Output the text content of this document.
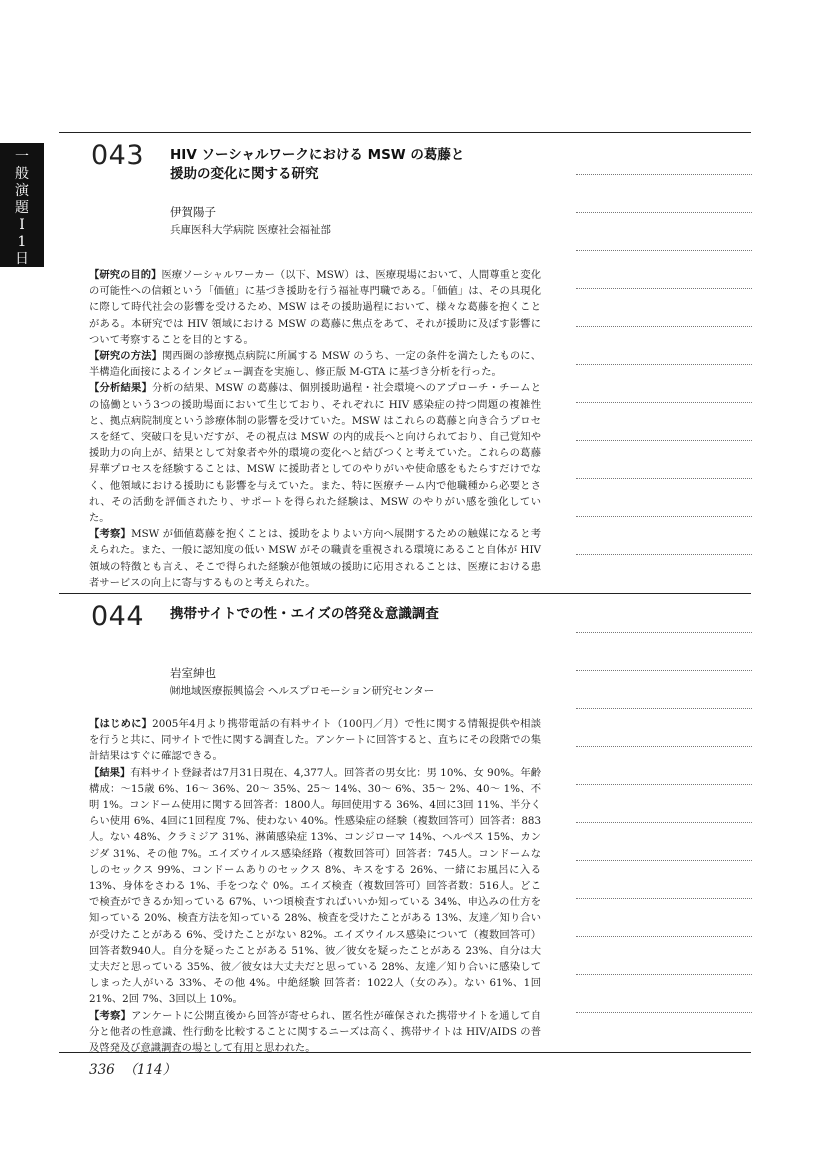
一
般
演
題
Ⅰ
1
日
043 HIV ソーシャルワークにおける MSW の葛藤と
援助の変化に関する研究
伊賀陽子
兵庫医科大学病院 医療社会福祉部

【研究の目的】医療ソーシャルワーカー（以下、MSW）は、医療現場において、人間尊重と変化の可能性への信頼という「価値」に基づき援助を行う福祉専門職である。「価値」は、その具現化に際して時代社会の影響を受けるため、MSW はその援助過程において、様々な葛藤を抱くことがある。本研究では HIV 領域における MSW の葛藤に焦点をあて、それが援助に及ぼす影響について考察することを目的とする。

【研究の方法】関西圏の診療拠点病院に所属する MSW のうち、一定の条件を満たしたものに、半構造化面接によるインタビュー調査を実施し、修正版 M-GTA に基づき分析を行った。

【分析結果】分析の結果、MSW の葛藤は、個別援助過程・社会環境へのアプローチ・チームとの協働という3つの援助場面において生じており、それぞれに HIV 感染症の持つ問題の複雑性と、拠点病院制度という診療体制の影響を受けていた。MSW はこれらの葛藤と向き合うプロセスを経て、突破口を見いだすが、その視点は MSW の内的成長へと向けられており、自己覚知や援助力の向上が、結果として対象者や外的環境の変化へと結びつくと考えていた。これらの葛藤昇華プロセスを経験することは、MSW に援助者としてのやりがいや使命感をもたらすだけでなく、他領域における援助にも影響を与えていた。また、特に医療チーム内で他職種から必要とされ、その活動を評価されたり、サポートを得られた経験は、MSW のやりがい感を強化していた。

【考察】MSW が価値葛藤を抱くことは、援助をよりよい方向へ展開するための触媒になると考えられた。また、一般に認知度の低い MSW がその職責を重視される環境にあること自体が HIV 領域の特徴とも言え、そこで得られた経験が他領域の援助に応用されることは、医療における患者サービスの向上に寄与するものと考えられた。

044 携帯サイトでの性・エイズの啓発＆意識調査
岩室紳也
㈶地域医療振興協会 ヘルスプロモーション研究センター

【はじめに】2005年4月より携帯電話の有料サイト（100円／月）で性に関する情報提供や相談を行うと共に、同サイトで性に関する調査した。アンケートに回答すると、直ちにその段階での集計結果はすぐに確認できる。

【結果】有料サイト登録者は7月31日現在、4,377人。回答者の男女比：男 10%、女 90%。年齢構成：～15歳 6%、16～ 36%、20～ 35%、25～ 14%、30～ 6%、35～ 2%、40～ 1%、不明 1%。コンドーム使用に関する回答者：1800人。毎回使用する 36%、4回に3回 11%、半分くらい使用 6%、4回に1回程度 7%、使わない 40%。性感染症の経験（複数回答可）回答者：883人。ない 48%、クラミジア 31%、淋菌感染症 13%、コンジローマ 14%、ヘルペス 15%、カンジダ 31%、その他 7%。エイズウイルス感染経路（複数回答可）回答者：745人。コンドームなしのセックス 99%、コンドームありのセックス 8%、キスをする 26%、一緒にお風呂に入る 13%、身体をさわる 1%、手をつなぐ 0%。エイズ検査（複数回答可）回答者数：516人。どこで検査ができるか知っている 67%、いつ頃検査すればいいか知っている 34%、申込みの仕方を知っている 20%、検査方法を知っている 28%、検査を受けたことがある 13%、友達／知り合いが受けたことがある 6%、受けたことがない 82%。エイズウイルス感染について（複数回答可）回答者数940人。自分を疑ったことがある 51%、彼／彼女を疑ったことがある 23%、自分は大丈夫だと思っている 35%、彼／彼女は大丈夫だと思っている 28%、友達／知り合いに感染してしまった人がいる 33%、その他 4%。中絶経験 回答者：1022人（女のみ）。ない 61%、1回 21%、2回 7%、3回以上 10%。

【考察】アンケートに公開直後から回答が寄せられ、匿名性が確保された携帯サイトを通して自分と他者の性意識、性行動を比較することに関するニーズは高く、携帯サイトは HIV/AIDS の普及啓発及び意識調査の場として有用と思われた。

336 （114）
